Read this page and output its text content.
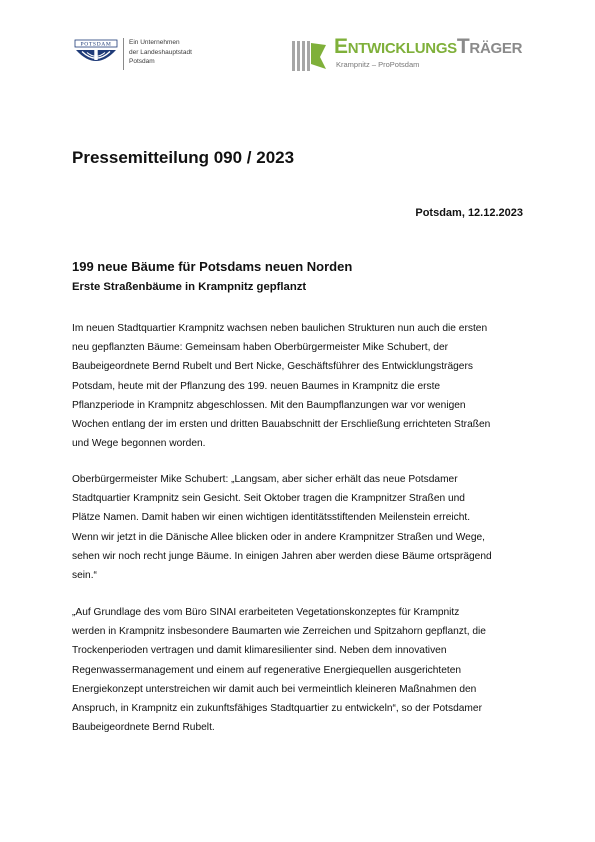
POTSDAM	Ein Unternehmen
der Landeshauptstadt
Potsdam
EntwicklungsTräger
Krampnitz – ProPotsdam
Pressemitteilung 090 / 2023
Potsdam, 12.12.2023
199 neue Bäume für Potsdams neuen Norden
Erste Straßenbäume in Krampnitz gepflanzt
Im neuen Stadtquartier Krampnitz wachsen neben baulichen Strukturen nun auch die ersten
neu gepflanzten Bäume: Gemeinsam haben Oberbürgermeister Mike Schubert, der
Baubeigeordnete Bernd Rubelt und Bert Nicke, Geschäftsführer des Entwicklungsträgers
Potsdam, heute mit der Pflanzung des 199. neuen Baumes in Krampnitz die erste
Pflanzperiode in Krampnitz abgeschlossen. Mit den Baumpflanzungen war vor wenigen
Wochen entlang der im ersten und dritten Bauabschnitt der Erschließung errichteten Straßen
und Wege begonnen worden.
Oberbürgermeister Mike Schubert: „Langsam, aber sicher erhält das neue Potsdamer
Stadtquartier Krampnitz sein Gesicht. Seit Oktober tragen die Krampnitzer Straßen und
Plätze Namen. Damit haben wir einen wichtigen identitätsstiftenden Meilenstein erreicht.
Wenn wir jetzt in die Dänische Allee blicken oder in andere Krampnitzer Straßen und Wege,
sehen wir noch recht junge Bäume. In einigen Jahren aber werden diese Bäume ortsprägend
sein.“
„Auf Grundlage des vom Büro SINAI erarbeiteten Vegetationskonzeptes für Krampnitz
werden in Krampnitz insbesondere Baumarten wie Zerreichen und Spitzahorn gepflanzt, die
Trockenperioden vertragen und damit klimaresilienter sind. Neben dem innovativen
Regenwassermanagement und einem auf regenerative Energiequellen ausgerichteten
Energiekonzept unterstreichen wir damit auch bei vermeintlich kleineren Maßnahmen den
Anspruch, in Krampnitz ein zukunftsfähiges Stadtquartier zu entwickeln“, so der Potsdamer
Baubeigeordnete Bernd Rubelt.
